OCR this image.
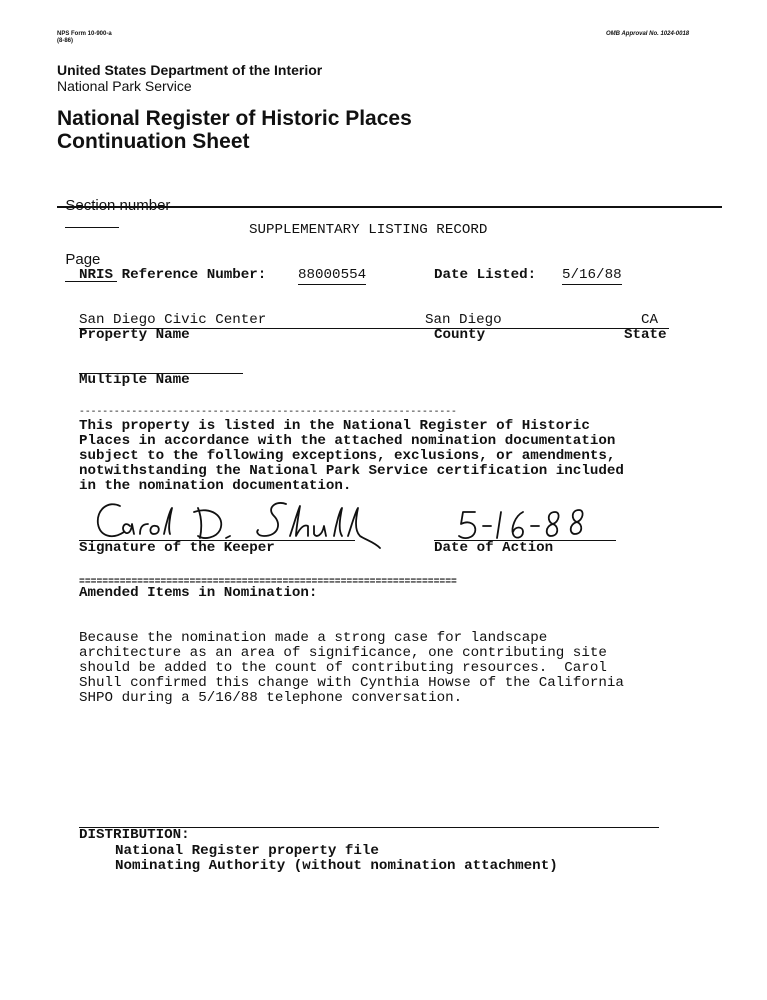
NPS Form 10-900-a
(8-86)
OMB Approval No. 1024-0018
United States Department of the Interior
National Park Service
National Register of Historic Places
Continuation Sheet

Section number

Page

SUPPLEMENTARY LISTING RECORD
NRIS Reference Number: 88000554	Date Listed: 5/16/88
San Diego Civic Center	San Diego	CA
Property Name	County	State
Multiple Name
-----------------------------------------------------------------
This property is listed in the National Register of Historic
Places in accordance with the attached nomination documentation
subject to the following exceptions, exclusions, or amendments,
notwithstanding the National Park Service certification included
in the nomination documentation.
Signature of the Keeper	Date of Action
=================================================================
Amended Items in Nomination:
Because the nomination made a strong case for landscape
architecture as an area of significance, one contributing site
should be added to the count of contributing resources.  Carol
Shull confirmed this change with Cynthia Howse of the California
SHPO during a 5/16/88 telephone conversation.
DISTRIBUTION:
National Register property file
Nominating Authority (without nomination attachment)
